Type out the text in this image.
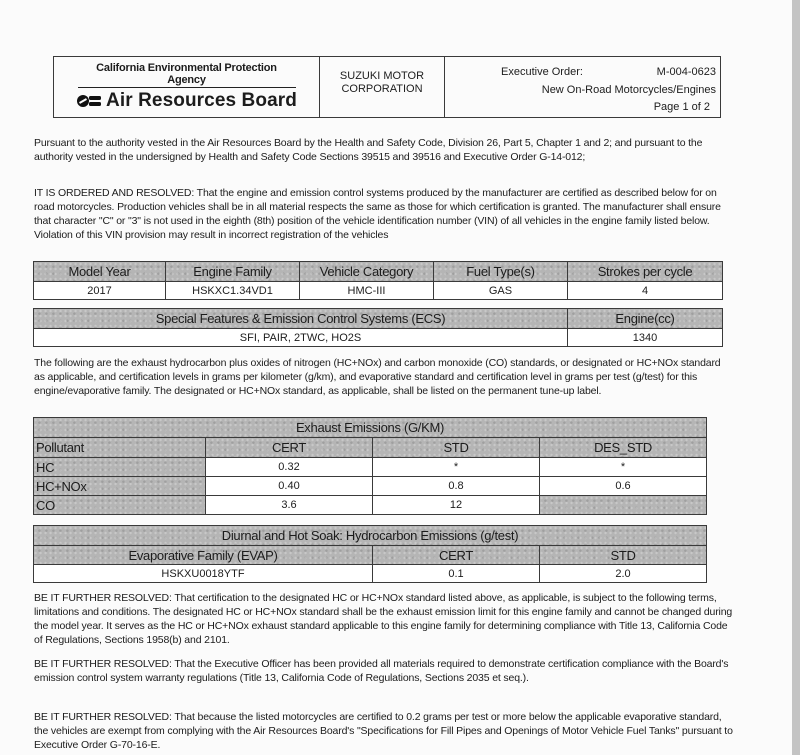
California Environmental Protection Agency
Air Resources Board
SUZUKI MOTOR
CORPORATION
Executive Order:	M-004-0623
New On-Road Motorcycles/Engines
Page 1 of 2

Pursuant to the authority vested in the Air Resources Board by the Health and Safety Code, Division 26, Part 5, Chapter 1 and 2; and pursuant to the authority vested in the undersigned by Health and Safety Code Sections 39515 and 39516 and Executive Order G-14-012;

IT IS ORDERED AND RESOLVED: That the engine and emission control systems produced by the manufacturer are certified as described below for on road motorcycles. Production vehicles shall be in all material respects the same as those for which certification is granted. The manufacturer shall ensure that character "C" or "3" is not used in the eighth (8th) position of the vehicle identification number (VIN) of all vehicles in the engine family listed below. Violation of this VIN provision may result in incorrect registration of the vehicles

Model Year	Engine Family	Vehicle Category	Fuel Type(s)	Strokes per cycle
2017	HSKXC1.34VD1	HMC-III	GAS	4
Special Features & Emission Control Systems (ECS)	Engine(cc)
SFI, PAIR, 2TWC, HO2S	1340

The following are the exhaust hydrocarbon plus oxides of nitrogen (HC+NOx) and carbon monoxide (CO) standards, or designated or HC+NOx standard as applicable, and certification levels in grams per kilometer (g/km), and evaporative standard and certification level in grams per test (g/test) for this engine/evaporative family. The designated or HC+NOx standard, as applicable, shall be listed on the permanent tune-up label.

Exhaust Emissions (G/KM)			
Pollutant	CERT	STD	DES_STD
HC	0.32	*	*
HC+NOx	0.40	0.8	0.6
CO	3.6	12	
Diurnal and Hot Soak: Hydrocarbon Emissions (g/test)		
Evaporative Family (EVAP)	CERT	STD
HSKXU0018YTF	0.1	2.0

BE IT FURTHER RESOLVED: That certification to the designated HC or HC+NOx standard listed above, as applicable, is subject to the following terms, limitations and conditions. The designated HC or HC+NOx standard shall be the exhaust emission limit for this engine family and cannot be changed during the model year. It serves as the HC or HC+NOx exhaust standard applicable to this engine family for determining compliance with Title 13, California Code of Regulations, Sections 1958(b) and 2101.

BE IT FURTHER RESOLVED: That the Executive Officer has been provided all materials required to demonstrate certification compliance with the Board's emission control system warranty regulations (Title 13, California Code of Regulations, Sections 2035 et seq.).

BE IT FURTHER RESOLVED: That because the listed motorcycles are certified to 0.2 grams per test or more below the applicable evaporative standard, the vehicles are exempt from complying with the Air Resources Board's "Specifications for Fill Pipes and Openings of Motor Vehicle Fuel Tanks" pursuant to Executive Order G-70-16-E.
